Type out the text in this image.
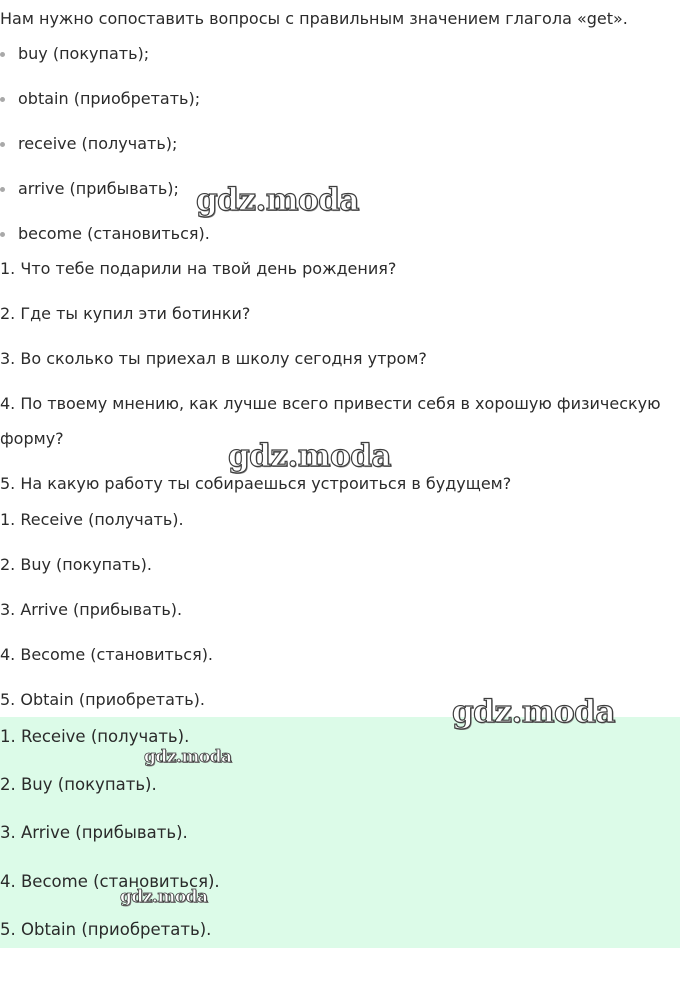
Нам нужно сопоставить вопросы с правильным значением глагола «get».
buy (покупать);
obtain (приобретать);
receive (получать);
arrive (прибывать);
become (становиться).
1. Что тебе подарили на твой день рождения?
2. Где ты купил эти ботинки?
3. Во сколько ты приехал в школу сегодня утром?
4. По твоему мнению, как лучше всего привести себя в хорошую физическую
форму?
5. На какую работу ты собираешься устроиться в будущем?
1. Receive (получать).
2. Buy (покупать).
3. Arrive (прибывать).
4. Become (становиться).
5. Obtain (приобретать).
1. Receive (получать).
2. Buy (покупать).
3. Arrive (прибывать).
4. Become (становиться).
5. Obtain (приобретать).
gdz.moda
gdz.moda
gdz.moda
gdz.moda
gdz.moda
